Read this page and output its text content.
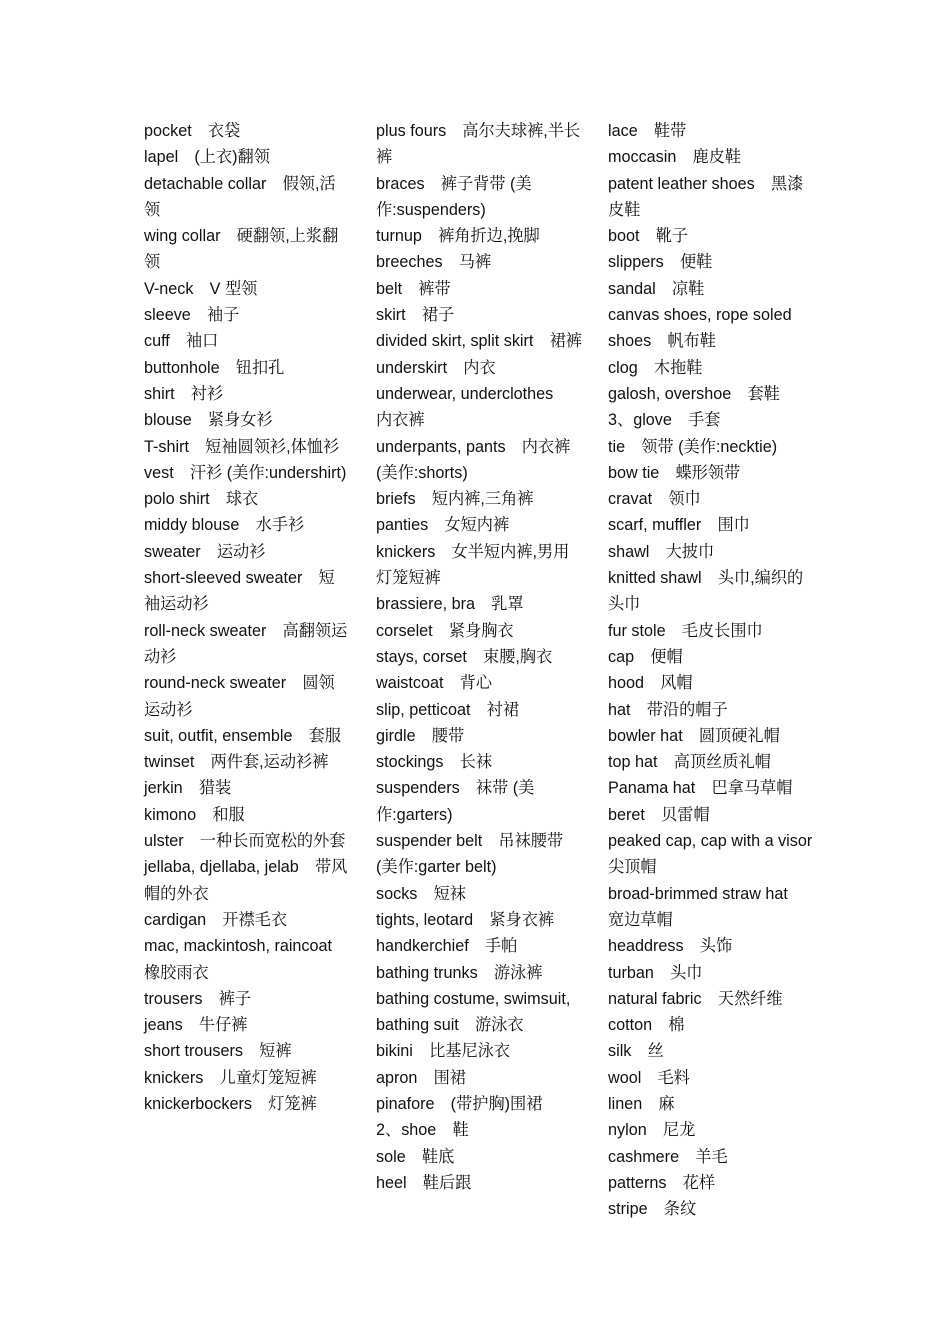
pocket　衣袋

lapel　(上衣)翻领

detachable collar　假领,活领

wing collar　硬翻领,上浆翻领

V-neck　V 型领

sleeve　袖子

cuff　袖口

buttonhole　钮扣孔

shirt　衬衫

blouse　紧身女衫

T-shirt　短袖圆领衫,体恤衫

vest　汗衫 (美作:undershirt)

polo shirt　球衣

middy blouse　水手衫

sweater　运动衫

short-sleeved sweater　短袖运动衫

roll-neck sweater　高翻领运动衫

round-neck sweater　圆领运动衫

suit, outfit, ensemble　套服

twinset　两件套,运动衫裤

jerkin　猎装

kimono　和服

ulster　一种长而宽松的外套

jellaba, djellaba, jelab　带风帽的外衣

cardigan　开襟毛衣

mac, mackintosh, raincoat　橡胶雨衣

trousers　裤子

jeans　牛仔裤

short trousers　短裤

knickers　儿童灯笼短裤

knickerbockers　灯笼裤

plus fours　高尔夫球裤,半长裤

braces　裤子背带 (美作:suspenders)

turnup　裤角折边,挽脚

breeches　马裤

belt　裤带

skirt　裙子

divided skirt, split skirt　裙裤

underskirt　内衣

underwear, underclothes　内衣裤

underpants, pants　内衣裤 (美作:shorts)

briefs　短内裤,三角裤

panties　女短内裤

knickers　女半短内裤,男用灯笼短裤

brassiere, bra　乳罩

corselet　紧身胸衣

stays, corset　束腰,胸衣

waistcoat　背心

slip, petticoat　衬裙

girdle　腰带

stockings　长袜

suspenders　袜带 (美作:garters)

suspender belt　吊袜腰带 (美作:garter belt)

socks　短袜

tights, leotard　紧身衣裤

handkerchief　手帕

bathing trunks　游泳裤

bathing costume, swimsuit, bathing suit　游泳衣

bikini　比基尼泳衣

apron　围裙

pinafore　(带护胸)围裙

2、shoe　鞋

sole　鞋底

heel　鞋后跟

lace　鞋带

moccasin　鹿皮鞋

patent leather shoes　黑漆皮鞋

boot　靴子

slippers　便鞋

sandal　凉鞋

canvas shoes, rope soled shoes　帆布鞋

clog　木拖鞋

galosh, overshoe　套鞋

3、glove　手套

tie　领带 (美作:necktie)

bow tie　蝶形领带

cravat　领巾

scarf, muffler　围巾

shawl　大披巾

knitted shawl　头巾,编织的头巾

fur stole　毛皮长围巾

cap　便帽

hood　风帽

hat　带沿的帽子

bowler hat　圆顶硬礼帽

top hat　高顶丝质礼帽

Panama hat　巴拿马草帽

beret　贝雷帽

peaked cap, cap with a visor　尖顶帽

broad-brimmed straw hat　宽边草帽

headdress　头饰

turban　头巾

natural fabric　天然纤维

cotton　棉

silk　丝

wool　毛料

linen　麻

nylon　尼龙

cashmere　羊毛

patterns　花样

stripe　条纹
